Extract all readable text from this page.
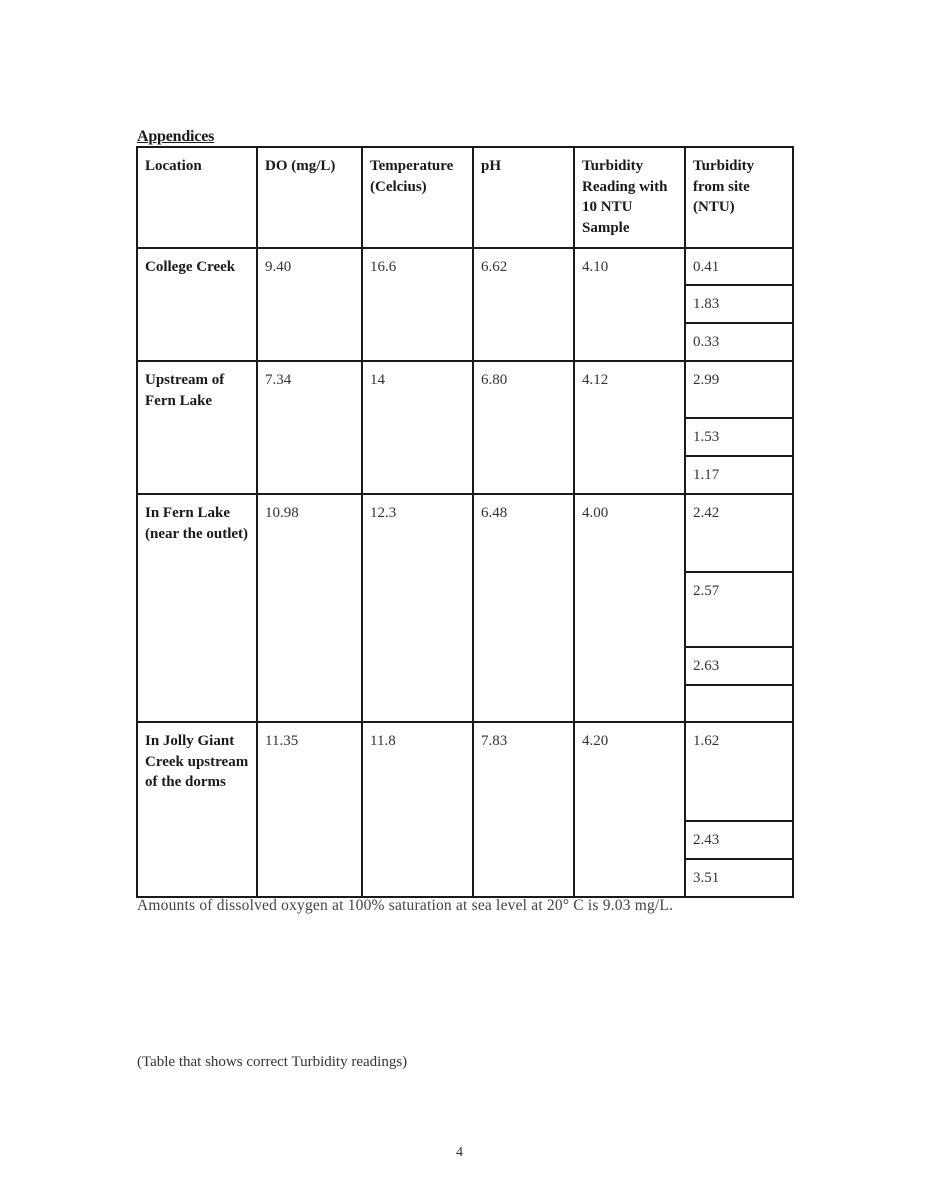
Appendices
Location	DO (mg/L)	Temperature (Celcius)	pH	Turbidity Reading with 10 NTU Sample	Turbidity from site (NTU)
College Creek	9.40	16.6	6.62	4.10	0.41
					1.83
					0.33
Upstream of Fern Lake	7.34	14	6.80	4.12	2.99
					1.53
					1.17
In Fern Lake (near the outlet)	10.98	12.3	6.48	4.00	2.42
					2.57
					2.63

In Jolly Giant Creek upstream of the dorms	11.35	11.8	7.83	4.20	1.62
					2.43
					3.51
Amounts of dissolved oxygen at 100% saturation at sea level at 20° C is 9.03 mg/L.
(Table that shows correct Turbidity readings)
4
